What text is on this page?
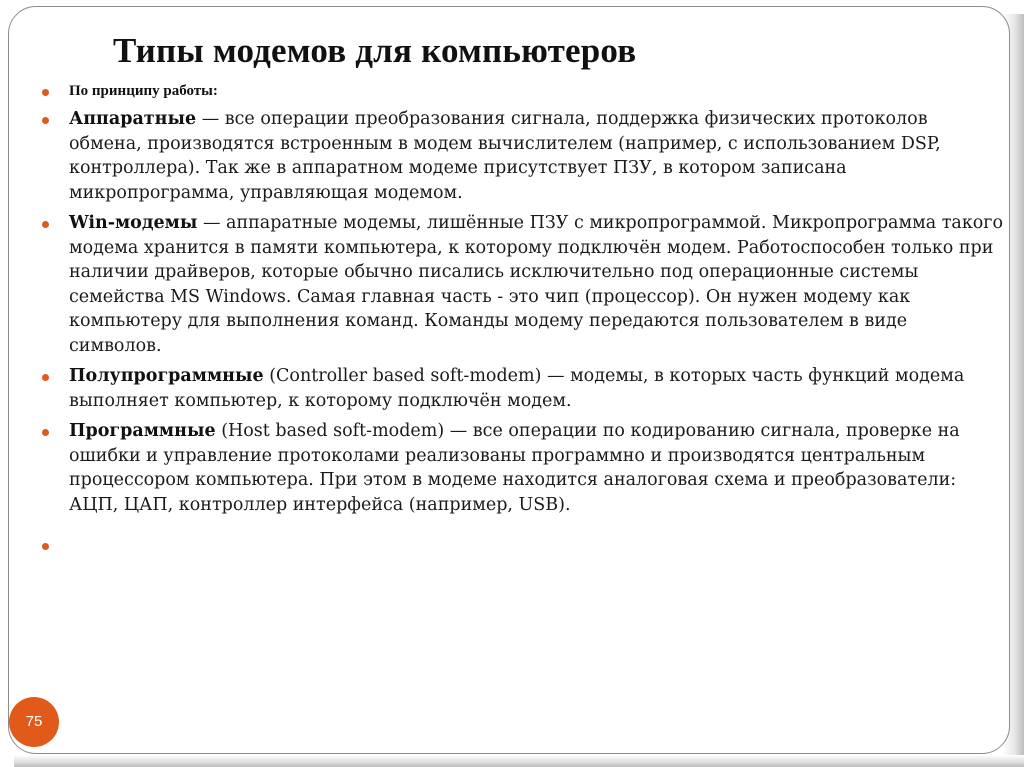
Типы модемов для компьютеров
По принципу работы:
Аппаратные — все операции преобразования сигнала, поддержка физических протоколов обмена, производятся встроенным в модем вычислителем (например, с использованием DSP, контроллера). Так же в аппаратном модеме присутствует ПЗУ, в котором записана микропрограмма, управляющая модемом.
Win-модемы — аппаратные модемы, лишённые ПЗУ с микропрограммой. Микропрограмма такого модема хранится в памяти компьютера, к которому подключён модем. Работоспособен только при наличии драйверов, которые обычно писались исключительно под операционные системы семейства MS Windows. Самая главная часть - это чип (процессор). Он нужен модему как компьютеру для выполнения команд. Команды модему передаются пользователем в виде символов.
Полупрограммные (Controller based soft-modem) — модемы, в которых часть функций модема выполняет компьютер, к которому подключён модем.
Программные (Host based soft-modem) — все операции по кодированию сигнала, проверке на ошибки и управление протоколами реализованы программно и производятся центральным процессором компьютера. При этом в модеме находится аналоговая схема и преобразователи: АЦП, ЦАП, контроллер интерфейса (например, USB).
75
